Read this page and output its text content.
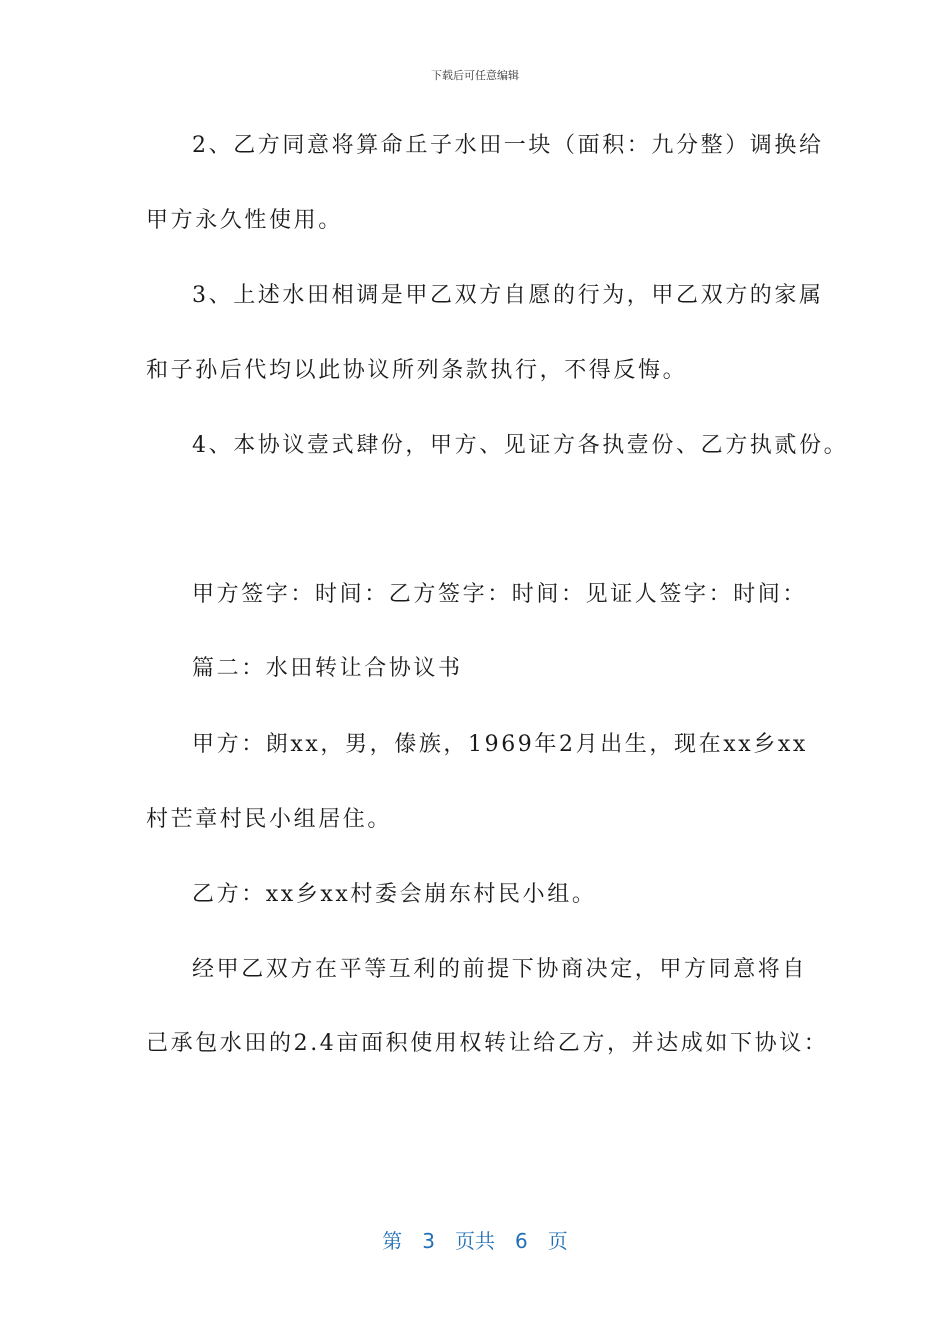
下载后可任意编辑
2、乙方同意将算命丘子水田一块（面积：九分整）调换给
甲方永久性使用。
3、上述水田相调是甲乙双方自愿的行为，甲乙双方的家属
和子孙后代均以此协议所列条款执行，不得反悔。
4、本协议壹式肆份，甲方、见证方各执壹份、乙方执贰份。
甲方签字：时间：乙方签字：时间：见证人签字：时间：
篇二：水田转让合协议书
甲方：朗xx，男，傣族，1969年2月出生，现在xx乡xx
村芒章村民小组居住。
乙方：xx乡xx村委会崩东村民小组。
经甲乙双方在平等互利的前提下协商决定，甲方同意将自
己承包水田的2.4亩面积使用权转让给乙方，并达成如下协议：
第 3 页共 6 页
